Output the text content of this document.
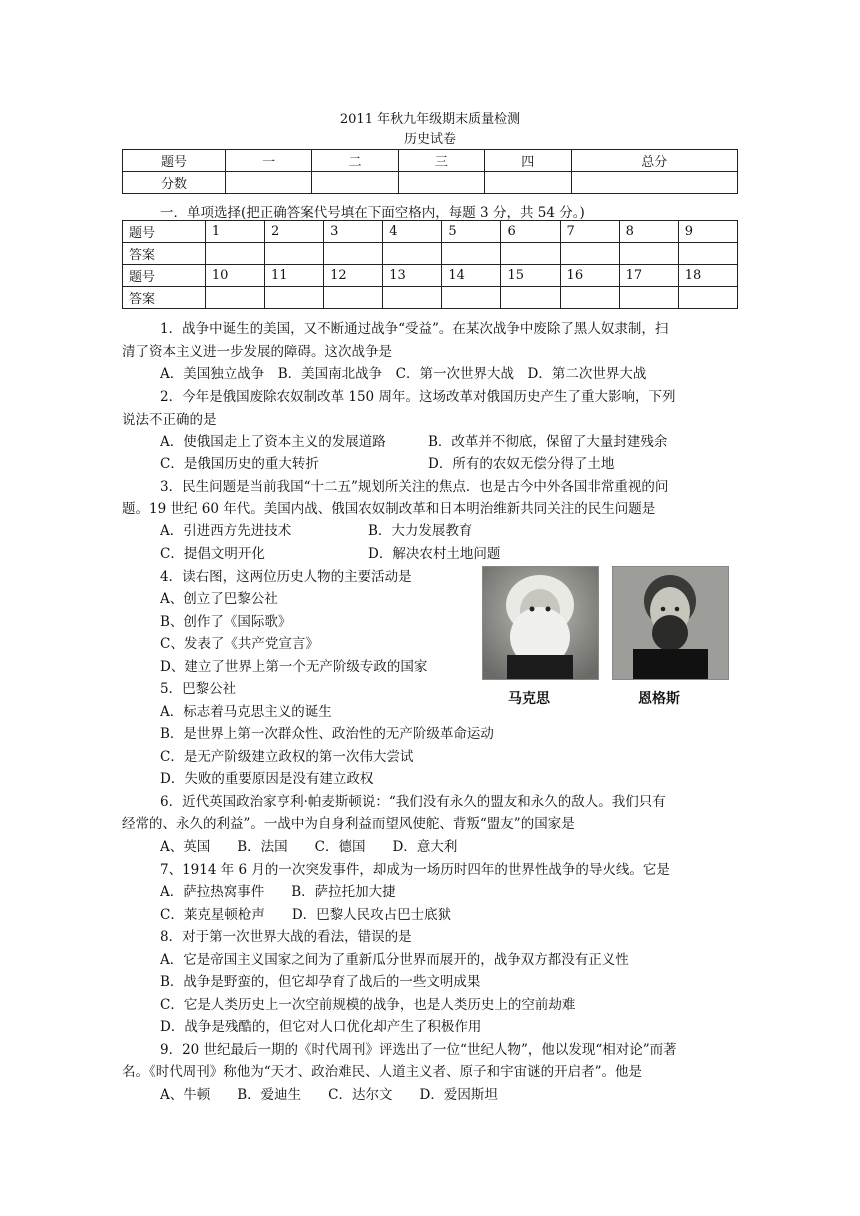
2011 年秋九年级期末质量检测
历史试卷
题号	一	二	三	四	总分
分数					
一．单项选择(把正确答案代号填在下面空格内，每题 3 分，共 54 分。)
题号	1	2	3	4	5	6	7	8	9
答案									
题号	10	11	12	13	14	15	16	17	18
答案									
1．战争中诞生的美国，又不断通过战争“受益”。在某次战争中废除了黑人奴隶制，扫
清了资本主义进一步发展的障碍。这次战争是
A．美国独立战争　B．美国南北战争　C．第一次世界大战　D．第二次世界大战
2．今年是俄国废除农奴制改革 150 周年。这场改革对俄国历史产生了重大影响，下列
说法不正确的是
A．使俄国走上了资本主义的发展道路	B．改革并不彻底，保留了大量封建残余
C．是俄国历史的重大转折	D．所有的农奴无偿分得了土地
3．民生问题是当前我国“十二五”规划所关注的焦点．也是古今中外各国非常重视的问
题。19 世纪 60 年代。美国内战、俄国农奴制改革和日本明治维新共同关注的民生问题是
A．引进西方先进技术	B．大力发展教育
C．提倡文明开化	D．解决农村土地问题
4．读右图，这两位历史人物的主要活动是
A、创立了巴黎公社
B、创作了《国际歌》
C、发表了《共产党宣言》
D、建立了世界上第一个无产阶级专政的国家
马克思	恩格斯
5．巴黎公社
A．标志着马克思主义的诞生
B．是世界上第一次群众性、政治性的无产阶级革命运动
C．是无产阶级建立政权的第一次伟大尝试
D．失败的重要原因是没有建立政权
6．近代英国政治家亨利·帕麦斯顿说：“我们没有永久的盟友和永久的敌人。我们只有
经常的、永久的利益”。一战中为自身利益而望风使舵、背叛“盟友”的国家是
A、英国　　B．法国　　C．德国　　D．意大利
7、1914 年 6 月的一次突发事件，却成为一场历时四年的世界性战争的导火线。它是
A．萨拉热窝事件　　B．萨拉托加大捷
C．莱克星顿枪声　　D．巴黎人民攻占巴士底狱
8．对于第一次世界大战的看法，错误的是
A．它是帝国主义国家之间为了重新瓜分世界而展开的，战争双方都没有正义性
B．战争是野蛮的，但它却孕育了战后的一些文明成果
C．它是人类历史上一次空前规模的战争，也是人类历史上的空前劫难
D．战争是残酷的，但它对人口优化却产生了积极作用
9．20 世纪最后一期的《时代周刊》评选出了一位“世纪人物”，他以发现“相对论”而著
名。《时代周刊》称他为“天才、政治难民、人道主义者、原子和宇宙谜的开启者”。他是
A、牛顿　　B．爱迪生　　C．达尔文　　D．爱因斯坦
